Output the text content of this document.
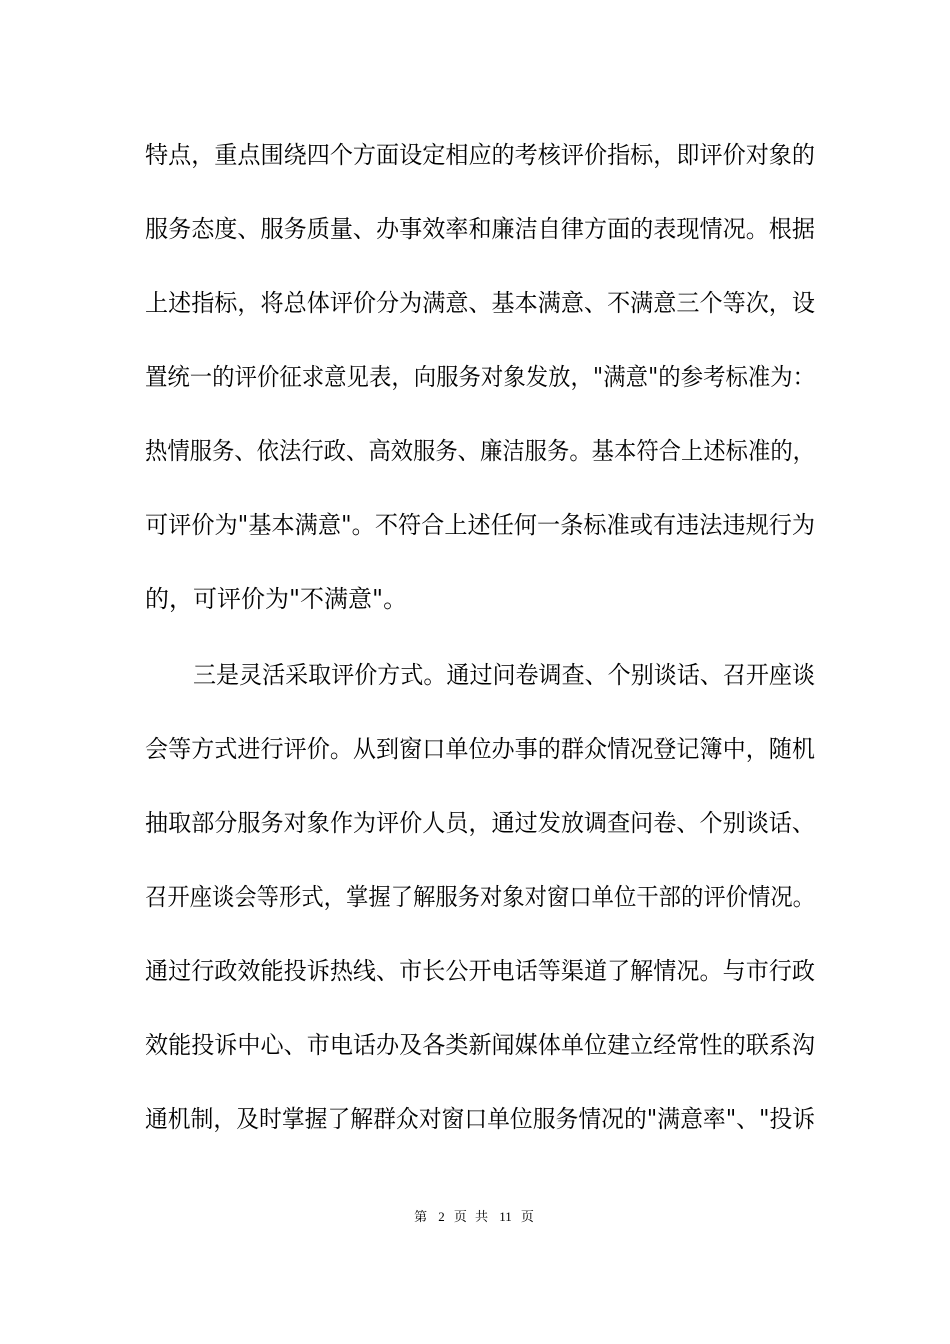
特点，重点围绕四个方面设定相应的考核评价指标，即评价对象的
服务态度、服务质量、办事效率和廉洁自律方面的表现情况。根据
上述指标，将总体评价分为满意、基本满意、不满意三个等次，设
置统一的评价征求意见表，向服务对象发放，"满意"的参考标准为：
热情服务、依法行政、高效服务、廉洁服务。基本符合上述标准的，
可评价为"基本满意"。不符合上述任何一条标准或有违法违规行为
的，可评价为"不满意"。
三是灵活采取评价方式。通过问卷调查、个别谈话、召开座谈
会等方式进行评价。从到窗口单位办事的群众情况登记簿中，随机
抽取部分服务对象作为评价人员，通过发放调查问卷、个别谈话、
召开座谈会等形式，掌握了解服务对象对窗口单位干部的评价情况。
通过行政效能投诉热线、市长公开电话等渠道了解情况。与市行政
效能投诉中心、市电话办及各类新闻媒体单位建立经常性的联系沟
通机制，及时掌握了解群众对窗口单位服务情况的"满意率"、"投诉
第 2 页 共 11 页
